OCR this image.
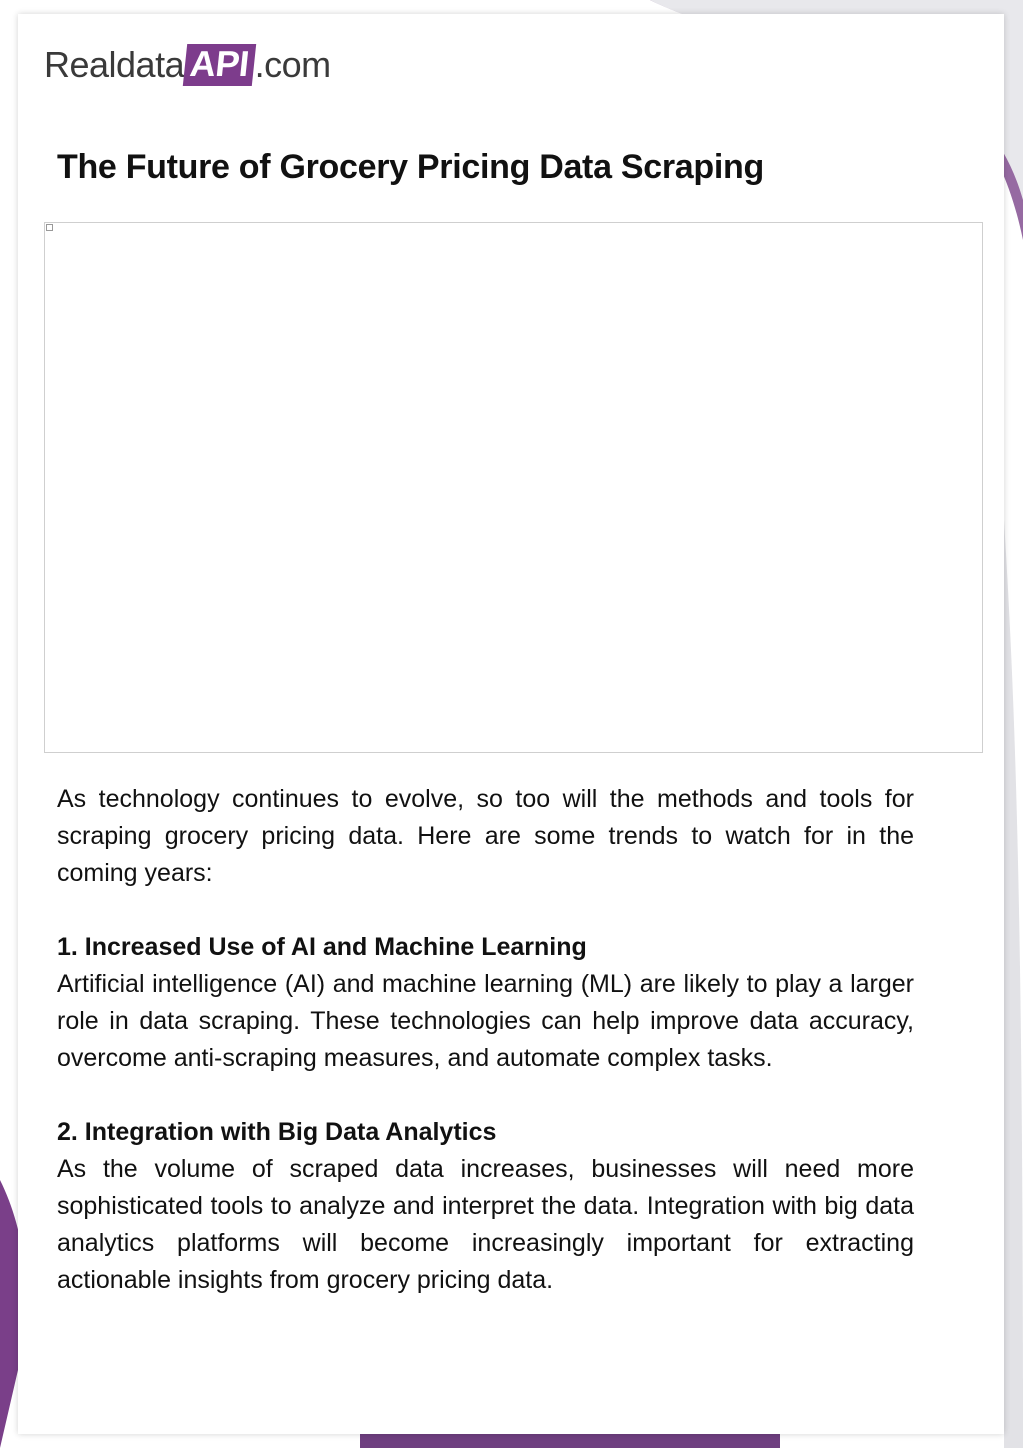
Realdata API .com
The Future of Grocery Pricing Data Scraping

As technology continues to evolve, so too will the methods and tools for scraping grocery pricing data. Here are some trends to watch for in the coming years:

1. Increased Use of AI and Machine Learning

Artificial intelligence (AI) and machine learning (ML) are likely to play a larger role in data scraping. These technologies can help improve data accuracy, overcome anti-scraping measures, and automate complex tasks.

2. Integration with Big Data Analytics

As the volume of scraped data increases, businesses will need more sophisticated tools to analyze and interpret the data. Integration with big data analytics platforms will become increasingly important for extracting actionable insights from grocery pricing data.
